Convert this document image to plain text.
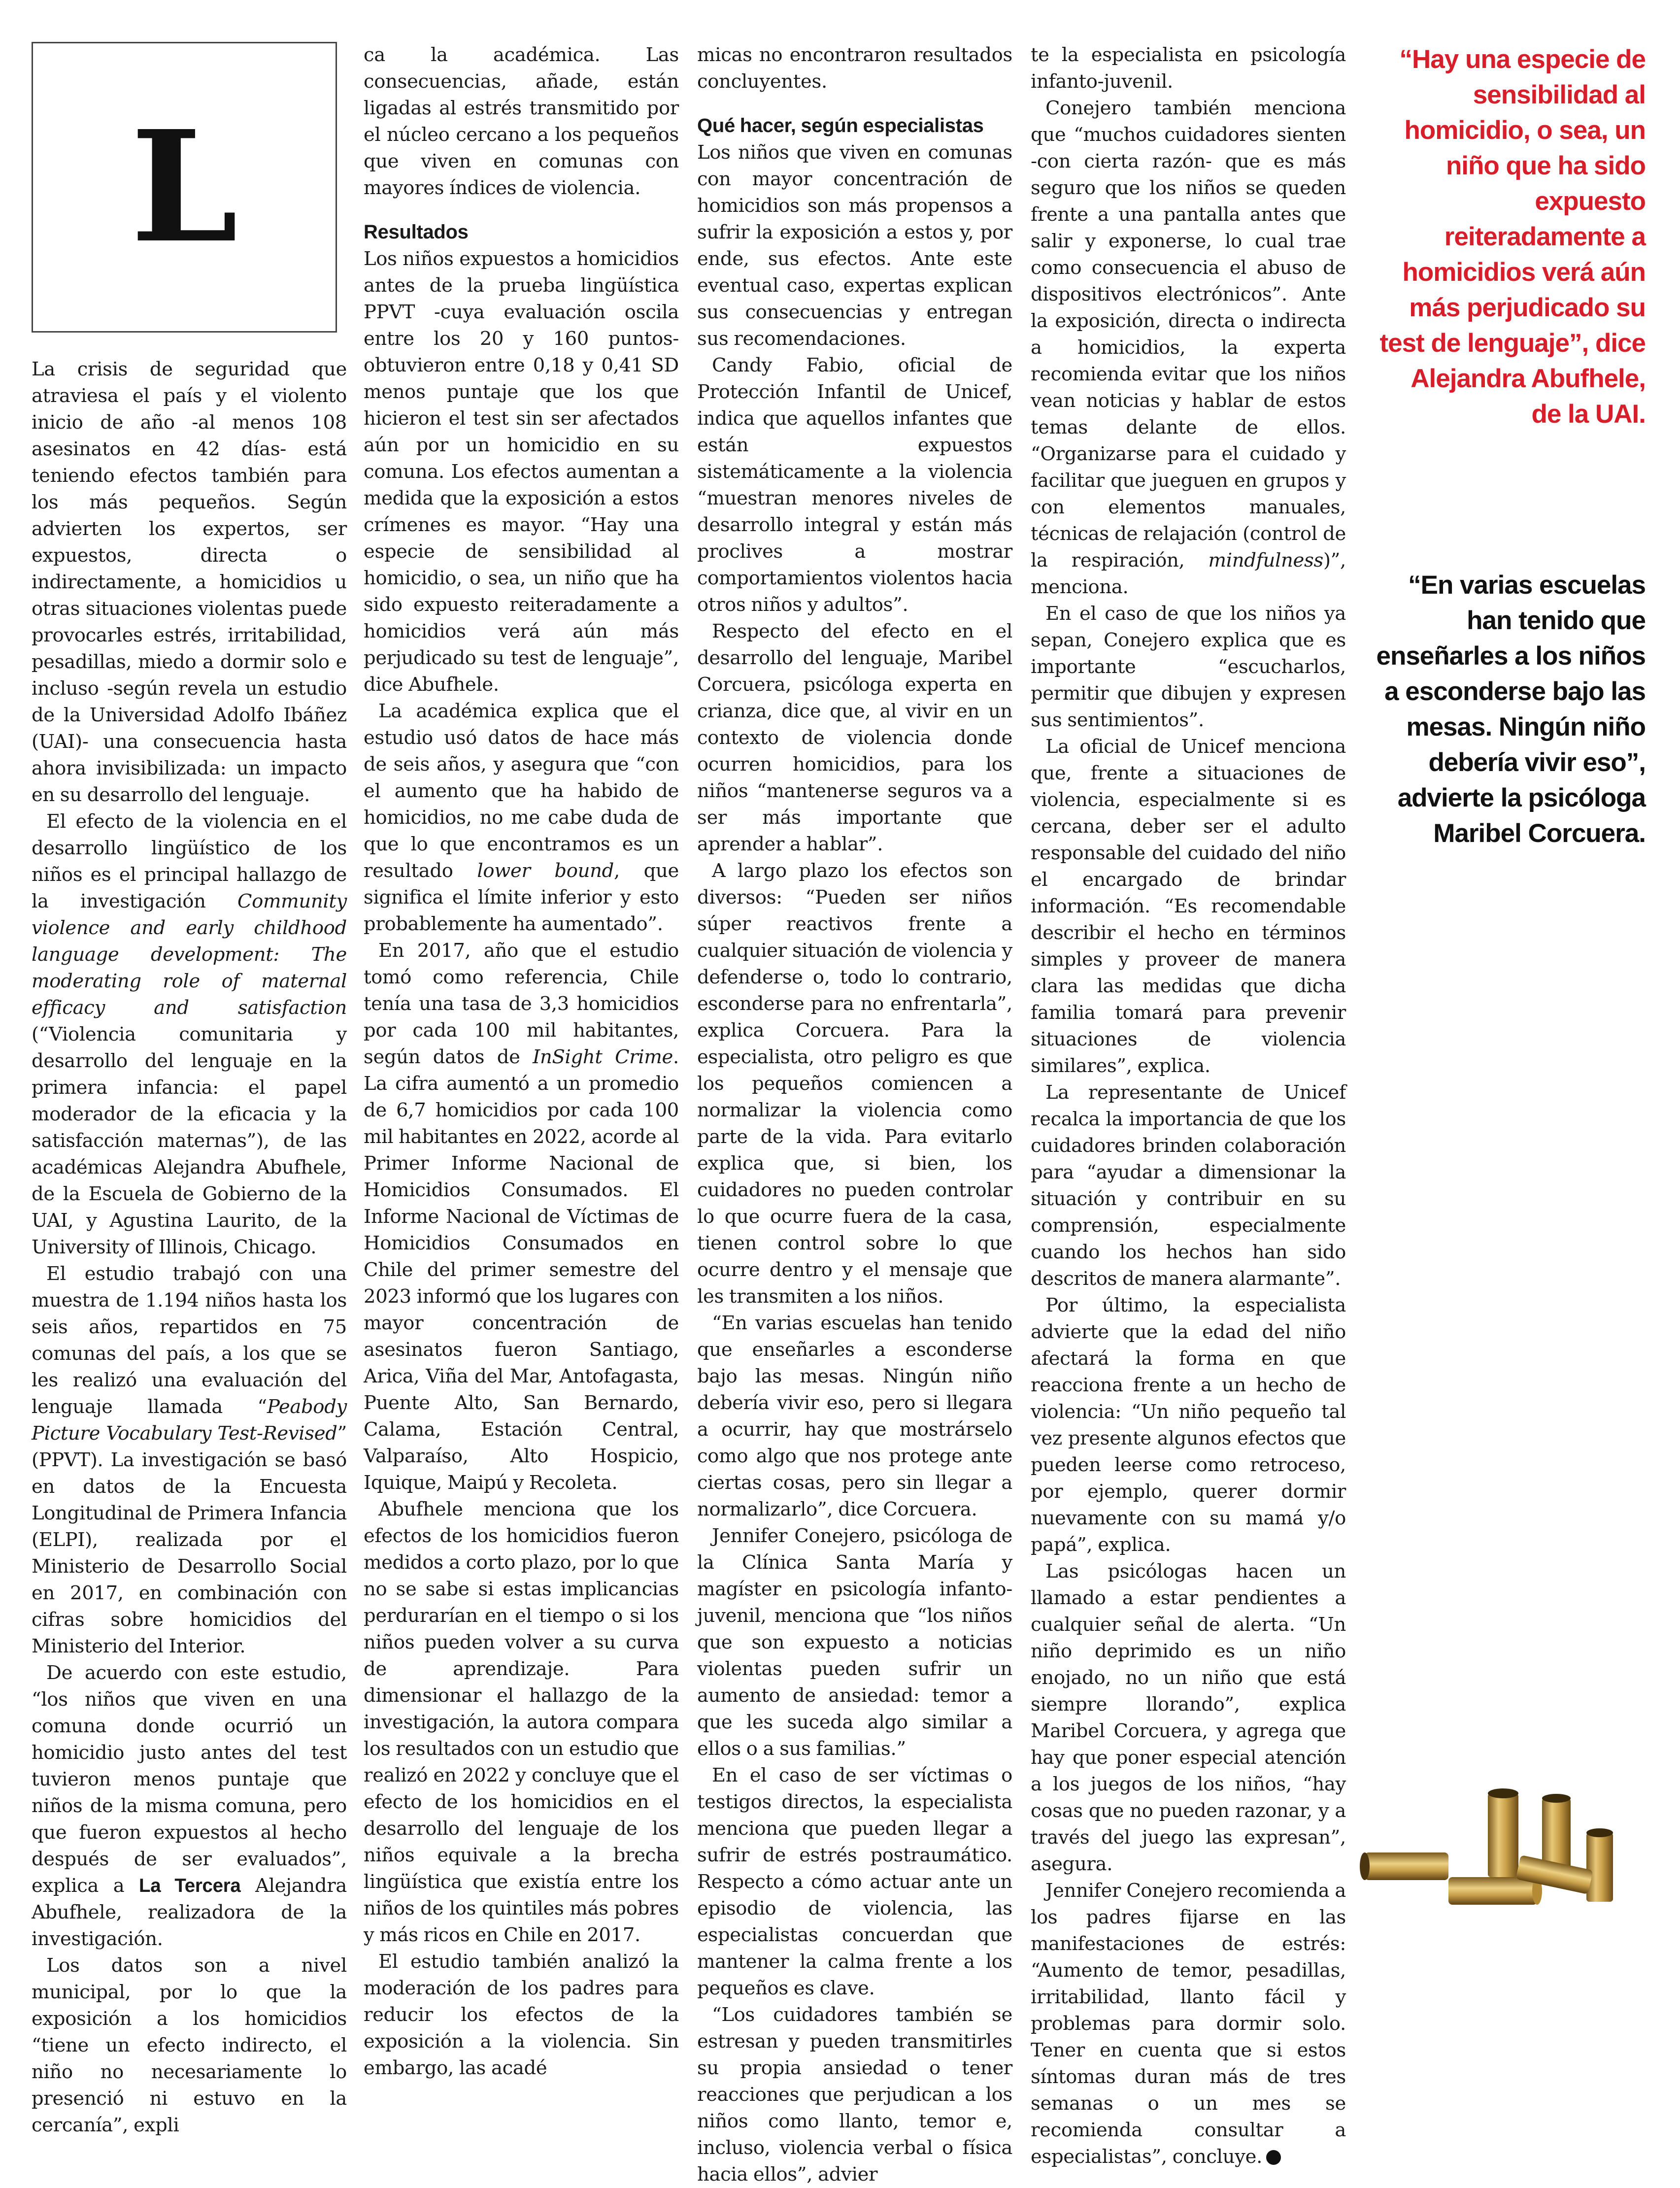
L

La crisis de seguridad que atraviesa el país y el violento inicio de año -al menos 108 asesinatos en 42 días- está teniendo efectos también para los más pequeños. Según advierten los expertos, ser expuestos, directa o indirectamente, a homicidios u otras situaciones violentas puede provocarles estrés, irritabilidad, pesadillas, miedo a dormir solo e incluso -según revela un estudio de la Universidad Adolfo Ibáñez (UAI)- una consecuencia hasta ahora invisibilizada: un impacto en su desarrollo del lenguaje.

El efecto de la violencia en el desarrollo lingüístico de los niños es el principal hallazgo de la investigación Community violence and early childhood language development: The moderating role of maternal efficacy and satisfaction (“Violencia comunitaria y desarrollo del lenguaje en la primera infancia: el papel moderador de la eficacia y la satisfacción maternas”), de las académicas Alejandra Abufhele, de la Escuela de Gobierno de la UAI, y Agustina Laurito, de la University of Illinois, Chicago.

El estudio trabajó con una muestra de 1.194 niños hasta los seis años, repartidos en 75 comunas del país, a los que se les realizó una evaluación del lenguaje llamada “Peabody Picture Vocabulary Test-Revised” (PPVT). La investigación se basó en datos de la Encuesta Longitudinal de Primera Infancia (ELPI), realizada por el Ministerio de Desarrollo Social en 2017, en combinación con cifras sobre homicidios del Ministerio del Interior.

De acuerdo con este estudio, “los niños que viven en una comuna donde ocurrió un homicidio justo antes del test tuvieron menos puntaje que niños de la misma comuna, pero que fueron expuestos al hecho después de ser evaluados”, explica a La Tercera Alejandra Abufhele, realizadora de la investigación.

Los datos son a nivel municipal, por lo que la exposición a los homicidios “tiene un efecto indirecto, el niño no necesariamente lo presenció ni estuvo en la cercanía”, expli

ca la académica. Las consecuencias, añade, están ligadas al estrés transmitido por el núcleo cercano a los pequeños que viven en comunas con mayores índices de violencia.

Resultados

Los niños expuestos a homicidios antes de la prueba lingüística PPVT -cuya evaluación oscila entre los 20 y 160 puntos- obtuvieron entre 0,18 y 0,41 SD menos puntaje que los que hicieron el test sin ser afectados aún por un homicidio en su comuna. Los efectos aumentan a medida que la exposición a estos crímenes es mayor. “Hay una especie de sensibilidad al homicidio, o sea, un niño que ha sido expuesto reiteradamente a homicidios verá aún más perjudicado su test de lenguaje”, dice Abufhele.

La académica explica que el estudio usó datos de hace más de seis años, y asegura que “con el aumento que ha habido de homicidios, no me cabe duda de que lo que encontramos es un resultado lower bound, que significa el límite inferior y esto probablemente ha aumentado”.

En 2017, año que el estudio tomó como referencia, Chile tenía una tasa de 3,3 homicidios por cada 100 mil habitantes, según datos de InSight Crime. La cifra aumentó a un promedio de 6,7 homicidios por cada 100 mil habitantes en 2022, acorde al Primer Informe Nacional de Homicidios Consumados. El Informe Nacional de Víctimas de Homicidios Consumados en Chile del primer semestre del 2023 informó que los lugares con mayor concentración de asesinatos fueron Santiago, Arica, Viña del Mar, Antofagasta, Puente Alto, San Bernardo, Calama, Estación Central, Valparaíso, Alto Hospicio, Iquique, Maipú y Recoleta.

Abufhele menciona que los efectos de los homicidios fueron medidos a corto plazo, por lo que no se sabe si estas implicancias perdurarían en el tiempo o si los niños pueden volver a su curva de aprendizaje. Para dimensionar el hallazgo de la investigación, la autora compara los resultados con un estudio que realizó en 2022 y concluye que el efecto de los homicidios en el desarrollo del lenguaje de los niños equivale a la brecha lingüística que existía entre los niños de los quintiles más pobres y más ricos en Chile en 2017.

El estudio también analizó la moderación de los padres para reducir los efectos de la exposición a la violencia. Sin embargo, las acadé

micas no encontraron resultados concluyentes.

Qué hacer, según especialistas

Los niños que viven en comunas con mayor concentración de homicidios son más propensos a sufrir la exposición a estos y, por ende, sus efectos. Ante este eventual caso, expertas explican sus consecuencias y entregan sus recomendaciones.

Candy Fabio, oficial de Protección Infantil de Unicef, indica que aquellos infantes que están expuestos sistemáticamente a la violencia “muestran menores niveles de desarrollo integral y están más proclives a mostrar comportamientos violentos hacia otros niños y adultos”.

Respecto del efecto en el desarrollo del lenguaje, Maribel Corcuera, psicóloga experta en crianza, dice que, al vivir en un contexto de violencia donde ocurren homicidios, para los niños “mantenerse seguros va a ser más importante que aprender a hablar”.

A largo plazo los efectos son diversos: “Pueden ser niños súper reactivos frente a cualquier situación de violencia y defenderse o, todo lo contrario, esconderse para no enfrentarla”, explica Corcuera. Para la especialista, otro peligro es que los pequeños comiencen a normalizar la violencia como parte de la vida. Para evitarlo explica que, si bien, los cuidadores no pueden controlar lo que ocurre fuera de la casa, tienen control sobre lo que ocurre dentro y el mensaje que les transmiten a los niños.

“En varias escuelas han tenido que enseñarles a esconderse bajo las mesas. Ningún niño debería vivir eso, pero si llegara a ocurrir, hay que mostrárselo como algo que nos protege ante ciertas cosas, pero sin llegar a normalizarlo”, dice Corcuera.

Jennifer Conejero, psicóloga de la Clínica Santa María y magíster en psicología infanto-juvenil, menciona que “los niños que son expuesto a noticias violentas pueden sufrir un aumento de ansiedad: temor a que les suceda algo similar a ellos o a sus familias.”

En el caso de ser víctimas o testigos directos, la especialista menciona que pueden llegar a sufrir de estrés postraumático. Respecto a cómo actuar ante un episodio de violencia, las especialistas concuerdan que mantener la calma frente a los pequeños es clave.

“Los cuidadores también se estresan y pueden transmitirles su propia ansiedad o tener reacciones que perjudican a los niños como llanto, temor e, incluso, violencia verbal o física hacia ellos”, advier

te la especialista en psicología infanto-juvenil.

Conejero también menciona que “muchos cuidadores sienten -con cierta razón- que es más seguro que los niños se queden frente a una pantalla antes que salir y exponerse, lo cual trae como consecuencia el abuso de dispositivos electrónicos”. Ante la exposición, directa o indirecta a homicidios, la experta recomienda evitar que los niños vean noticias y hablar de estos temas delante de ellos. “Organizarse para el cuidado y facilitar que jueguen en grupos y con elementos manuales, técnicas de relajación (control de la respiración, mindfulness)”, menciona.

En el caso de que los niños ya sepan, Conejero explica que es importante “escucharlos, permitir que dibujen y expresen sus sentimientos”.

La oficial de Unicef menciona que, frente a situaciones de violencia, especialmente si es cercana, deber ser el adulto responsable del cuidado del niño el encargado de brindar información. “Es recomendable describir el hecho en términos simples y proveer de manera clara las medidas que dicha familia tomará para prevenir situaciones de violencia similares”, explica.

La representante de Unicef recalca la importancia de que los cuidadores brinden colaboración para “ayudar a dimensionar la situación y contribuir en su comprensión, especialmente cuando los hechos han sido descritos de manera alarmante”.

Por último, la especialista advierte que la edad del niño afectará la forma en que reacciona frente a un hecho de violencia: “Un niño pequeño tal vez presente algunos efectos que pueden leerse como retroceso, por ejemplo, querer dormir nuevamente con su mamá y/o papá”, explica.

Las psicólogas hacen un llamado a estar pendientes a cualquier señal de alerta. “Un niño deprimido es un niño enojado, no un niño que está siempre llorando”, explica Maribel Corcuera, y agrega que hay que poner especial atención a los juegos de los niños, “hay cosas que no pueden razonar, y a través del juego las expresan”, asegura.

Jennifer Conejero recomienda a los padres fijarse en las manifestaciones de estrés: “Aumento de temor, pesadillas, irritabilidad, llanto fácil y problemas para dormir solo. Tener en cuenta que si estos síntomas duran más de tres semanas o un mes se recomienda consultar a especialistas”, concluye.

“Hay una especie de sensibilidad al homicidio, o sea, un niño que ha sido expuesto reiteradamente a homicidios verá aún más perjudicado su test de lenguaje”, dice Alejandra Abufhele, de la UAI.
“En varias escuelas han tenido que enseñarles a los niños a esconderse bajo las mesas. Ningún niño debería vivir eso”, advierte la psicóloga Maribel Corcuera.
